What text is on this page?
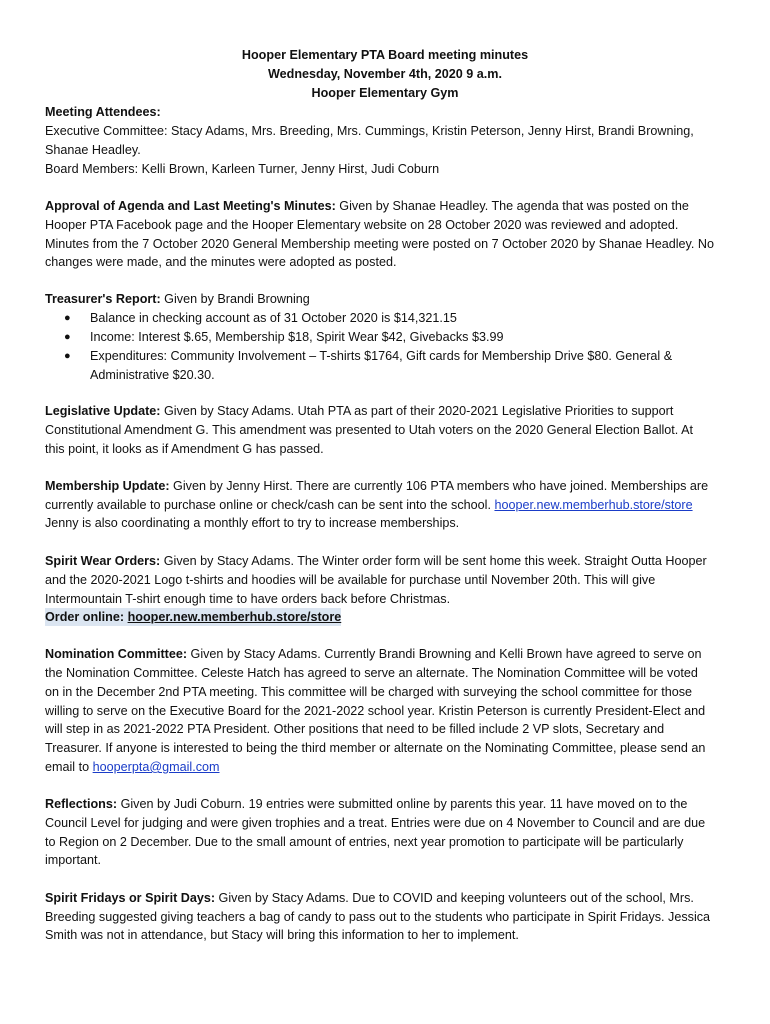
Hooper Elementary PTA Board meeting minutes
Wednesday, November 4th, 2020 9 a.m.
Hooper Elementary Gym
Meeting Attendees:
Executive Committee: Stacy Adams, Mrs. Breeding, Mrs. Cummings, Kristin Peterson, Jenny Hirst, Brandi Browning,
Shanae Headley.
Board Members: Kelli Brown, Karleen Turner, Jenny Hirst, Judi Coburn
Approval of Agenda and Last Meeting's Minutes: Given by Shanae Headley. The agenda that was posted on the
Hooper PTA Facebook page and the Hooper Elementary website on 28 October 2020 was reviewed and adopted.
Minutes from the 7 October 2020 General Membership meeting were posted on 7 October 2020 by Shanae Headley. No
changes were made, and the minutes were adopted as posted.
Treasurer's Report: Given by Brandi Browning
● Balance in checking account as of 31 October 2020 is $14,321.15
● Income: Interest $.65, Membership $18, Spirit Wear $42, Givebacks $3.99
● Expenditures: Community Involvement – T-shirts $1764, Gift cards for Membership Drive $80. General &
Administrative $20.30.
Legislative Update: Given by Stacy Adams. Utah PTA as part of their 2020-2021 Legislative Priorities to support
Constitutional Amendment G. This amendment was presented to Utah voters on the 2020 General Election Ballot. At
this point, it looks as if Amendment G has passed.
Membership Update: Given by Jenny Hirst. There are currently 106 PTA members who have joined. Memberships are
currently available to purchase online or check/cash can be sent into the school. hooper.new.memberhub.store/store
Jenny is also coordinating a monthly effort to try to increase memberships.
Spirit Wear Orders: Given by Stacy Adams. The Winter order form will be sent home this week. Straight Outta Hooper
and the 2020-2021 Logo t-shirts and hoodies will be available for purchase until November 20th. This will give
Intermountain T-shirt enough time to have orders back before Christmas.
Order online: hooper.new.memberhub.store/store
Nomination Committee: Given by Stacy Adams. Currently Brandi Browning and Kelli Brown have agreed to serve on
the Nomination Committee. Celeste Hatch has agreed to serve an alternate. The Nomination Committee will be voted
on in the December 2nd PTA meeting. This committee will be charged with surveying the school committee for those
willing to serve on the Executive Board for the 2021-2022 school year. Kristin Peterson is currently President-Elect and
will step in as 2021-2022 PTA President. Other positions that need to be filled include 2 VP slots, Secretary and
Treasurer. If anyone is interested to being the third member or alternate on the Nominating Committee, please send an
email to hooperpta@gmail.com
Reflections: Given by Judi Coburn. 19 entries were submitted online by parents this year. 11 have moved on to the
Council Level for judging and were given trophies and a treat. Entries were due on 4 November to Council and are due
to Region on 2 December. Due to the small amount of entries, next year promotion to participate will be particularly
important.
Spirit Fridays or Spirit Days: Given by Stacy Adams. Due to COVID and keeping volunteers out of the school, Mrs.
Breeding suggested giving teachers a bag of candy to pass out to the students who participate in Spirit Fridays. Jessica
Smith was not in attendance, but Stacy will bring this information to her to implement.
